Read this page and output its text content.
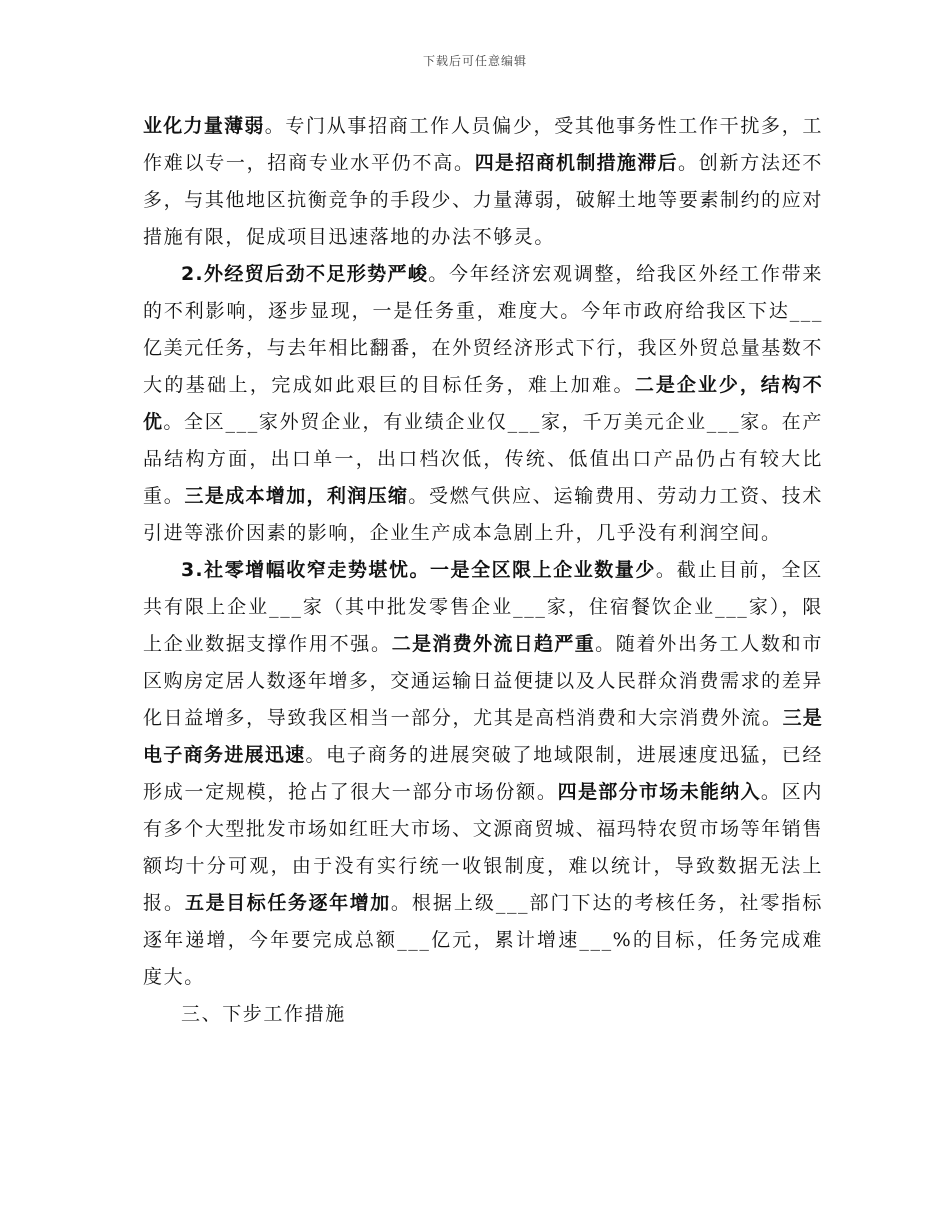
下载后可任意编辑

业化力量薄弱。专门从事招商工作人员偏少，受其他事务性工作干扰多，工作难以专一，招商专业水平仍不高。四是招商机制措施滞后。创新方法还不多，与其他地区抗衡竞争的手段少、力量薄弱，破解土地等要素制约的应对措施有限，促成项目迅速落地的办法不够灵。

2.外经贸后劲不足形势严峻。今年经济宏观调整，给我区外经工作带来的不利影响，逐步显现，一是任务重，难度大。今年市政府给我区下达___亿美元任务，与去年相比翻番，在外贸经济形式下行，我区外贸总量基数不大的基础上，完成如此艰巨的目标任务，难上加难。二是企业少，结构不优。全区___家外贸企业，有业绩企业仅___家，千万美元企业___家。在产品结构方面，出口单一，出口档次低，传统、低值出口产品仍占有较大比重。三是成本增加，利润压缩。受燃气供应、运输费用、劳动力工资、技术引进等涨价因素的影响，企业生产成本急剧上升，几乎没有利润空间。

3.社零增幅收窄走势堪忧。一是全区限上企业数量少。截止目前，全区共有限上企业___家（其中批发零售企业___家，住宿餐饮企业___家），限上企业数据支撑作用不强。二是消费外流日趋严重。随着外出务工人数和市区购房定居人数逐年增多，交通运输日益便捷以及人民群众消费需求的差异化日益增多，导致我区相当一部分，尤其是高档消费和大宗消费外流。三是电子商务进展迅速。电子商务的进展突破了地域限制，进展速度迅猛，已经形成一定规模，抢占了很大一部分市场份额。四是部分市场未能纳入。区内有多个大型批发市场如红旺大市场、文源商贸城、福玛特农贸市场等年销售额均十分可观，由于没有实行统一收银制度，难以统计，导致数据无法上报。五是目标任务逐年增加。根据上级___部门下达的考核任务，社零指标逐年递增，今年要完成总额___亿元，累计增速___%的目标，任务完成难度大。

三、下步工作措施
